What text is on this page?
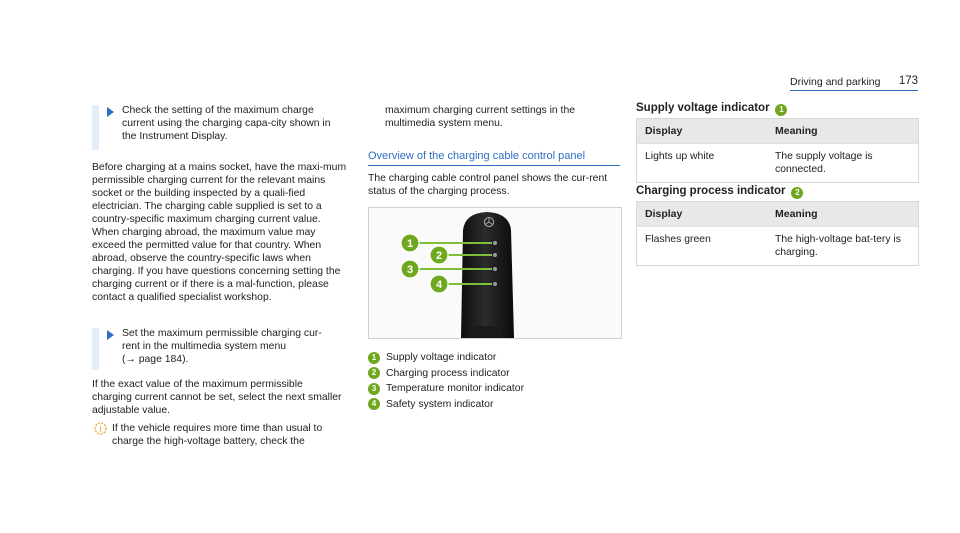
Driving and parking 173

Check the setting of the maximum charge current using the charging capa-city shown in the Instrument Display.

Before charging at a mains socket, have the maxi-mum permissible charging current for the relevant mains socket or the building inspected by a quali-fied electrician. The charging cable supplied is set to a country-specific maximum charging current value. When charging abroad, the maximum value may exceed the permitted value for that country. When abroad, observe the country-specific laws when charging. If you have questions concerning setting the charging current or if there is a mal-function, please contact a qualified specialist workshop.

Set the maximum permissible charging cur-
rent in the multimedia system menu
(→ page 184).

If the exact value of the maximum permissible charging current cannot be set, select the next smaller adjustable value.

i If the vehicle requires more time than usual to charge the high-voltage battery, check the

maximum charging current settings in the multimedia system menu.

Overview of the charging cable control panel

The charging cable control panel shows the cur-rent status of the charging process.

1
2
3
4
1 Supply voltage indicator
2 Charging process indicator
3 Temperature monitor indicator
4 Safety system indicator
Supply voltage indicator 1
Display	Meaning
Lights up white	The supply voltage is connected.
Charging process indicator 2
Display	Meaning
Flashes green	The high-voltage bat-tery is charging.
